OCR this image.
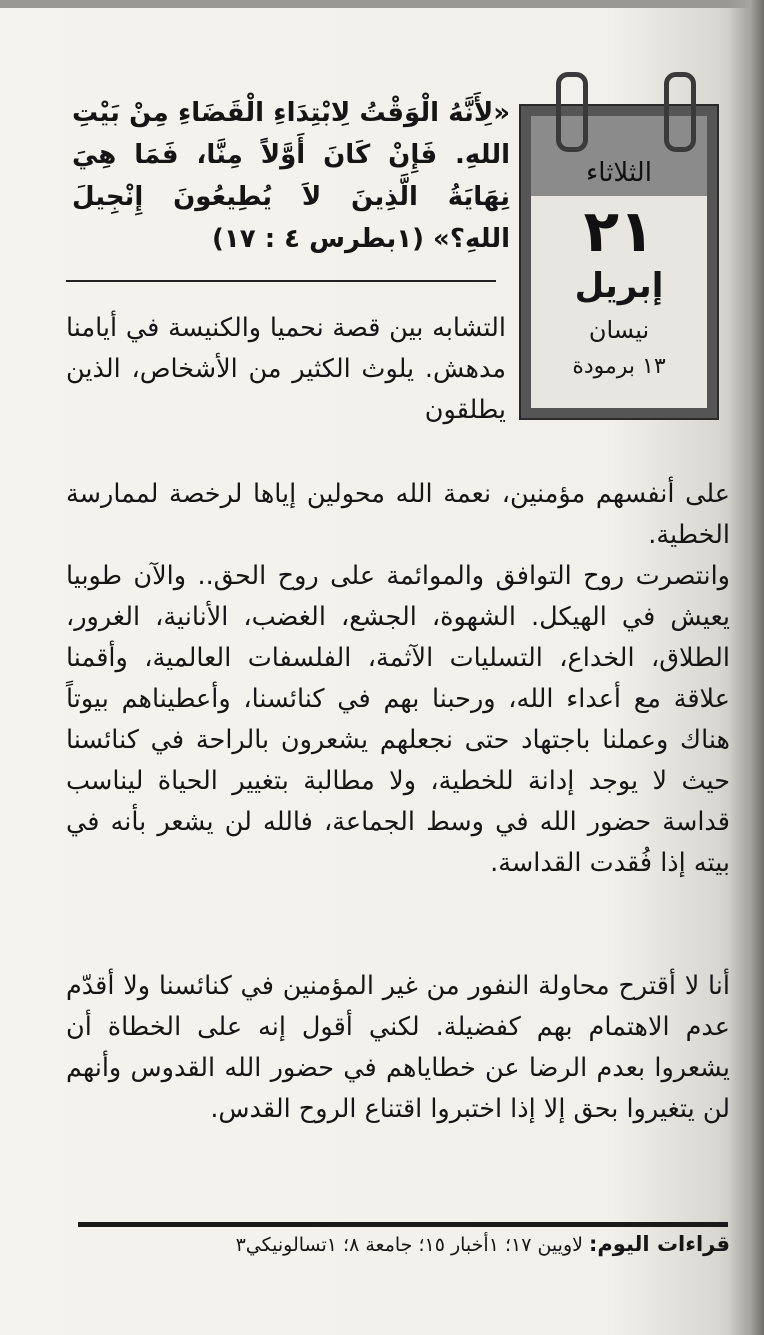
الثلاثاء
٢١
إبريل
نيسان
١٣ برمودة
«لِأَنَّهُ الْوَقْتُ لِابْتِدَاءِ الْقَضَاءِ مِنْ بَيْتِ اللهِ. فَإِنْ كَانَ أَوَّلاً مِنَّا، فَمَا هِيَ نِهَايَةُ الَّذِينَ لاَ يُطِيعُونَ إِنْجِيلَ اللهِ؟» (١بطرس ٤ : ١٧)
التشابه بين قصة نحميا والكنيسة في أيامنا مدهش. يلوث الكثير من الأشخاص، الذين يطلقون
على أنفسهم مؤمنين، نعمة الله محولين إياها لرخصة لممارسة الخطية.
وانتصرت روح التوافق والموائمة على روح الحق.. والآن طوبيا يعيش في الهيكل. الشهوة، الجشع، الغضب، الأنانية، الغرور، الطلاق، الخداع، التسليات الآثمة، الفلسفات العالمية، وأقمنا علاقة مع أعداء الله، ورحبنا بهم في كنائسنا، وأعطيناهم بيوتاً هناك وعملنا باجتهاد حتى نجعلهم يشعرون بالراحة في كنائسنا حيث لا يوجد إدانة للخطية، ولا مطالبة بتغيير الحياة ليناسب قداسة حضور الله في وسط الجماعة، فالله لن يشعر بأنه في بيته إذا فُقدت القداسة.
أنا لا أقترح محاولة النفور من غير المؤمنين في كنائسنا ولا أقدّم عدم الاهتمام بهم كفضيلة. لكني أقول إنه على الخطاة أن يشعروا بعدم الرضا عن خطاياهم في حضور الله القدوس وأنهم لن يتغيروا بحق إلا إذا اختبروا اقتناع الروح القدس.
قراءات اليوم: لاويين ١٧؛ ١أخبار ١٥؛ جامعة ٨؛ ١تسالونيكي٣
